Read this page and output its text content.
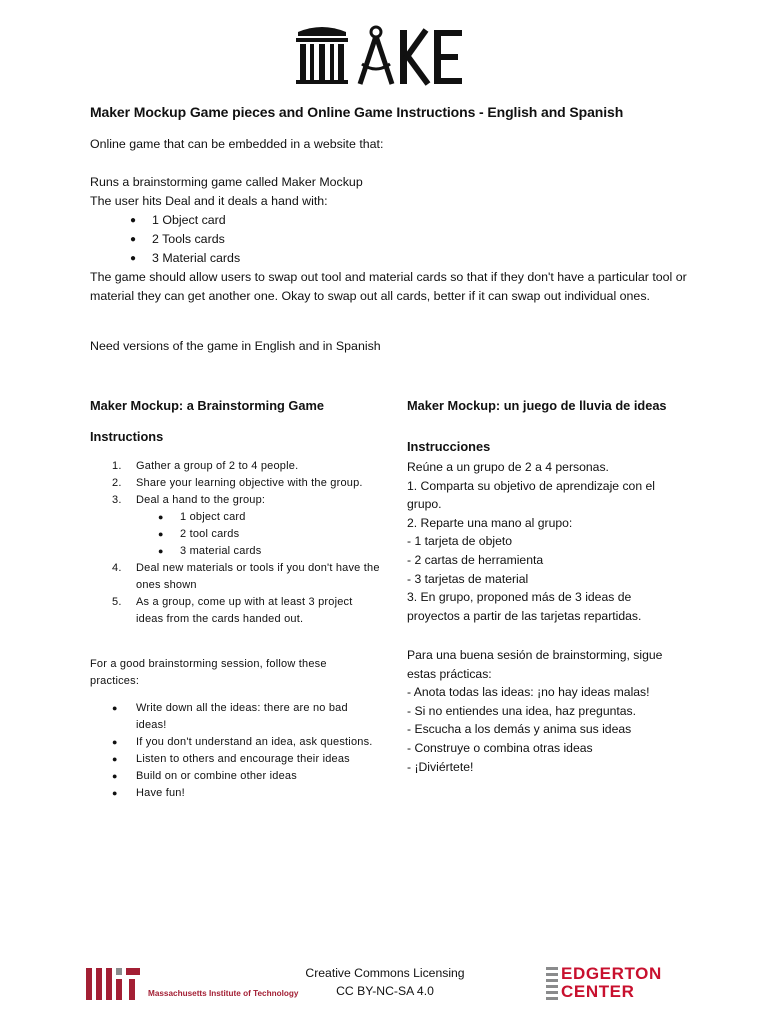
Maker Mockup Game pieces and Online Game Instructions - English and Spanish
Online game that can be embedded in a website that:
Runs a brainstorming game called Maker Mockup
The user hits Deal and it deals a hand with:
● 1 Object card
● 2 Tools cards
● 3 Material cards
The game should allow users to swap out tool and material cards so that if they don't have a particular tool or material they can get another one. Okay to swap out all cards, better if it can swap out individual ones.
Need versions of the game in English and in Spanish
Maker Mockup: a Brainstorming Game
Instructions
1. Gather a group of 2 to 4 people.
2. Share your learning objective with the group.
3. Deal a hand to the group:
● 1 object card
● 2 tool cards
● 3 material cards
4. Deal new materials or tools if you don't have the ones shown
5. As a group, come up with at least 3 project ideas from the cards handed out.
For a good brainstorming session, follow these practices:
● Write down all the ideas: there are no bad ideas!
● If you don't understand an idea, ask questions.
● Listen to others and encourage their ideas
● Build on or combine other ideas
● Have fun!
Maker Mockup: un juego de lluvia de ideas
Instrucciones
Reúne a un grupo de 2 a 4 personas.
1. Comparta su objetivo de aprendizaje con el grupo.
2. Reparte una mano al grupo:
- 1 tarjeta de objeto
- 2 cartas de herramienta
- 3 tarjetas de material
3. En grupo, proponed más de 3 ideas de proyectos a partir de las tarjetas repartidas.
Para una buena sesión de brainstorming, sigue estas prácticas:
- Anota todas las ideas: ¡no hay ideas malas!
- Si no entiendes una idea, haz preguntas.
- Escucha a los demás y anima sus ideas
- Construye o combina otras ideas
- ¡Diviértete!
Massachusetts Institute of Technology
Creative Commons Licensing
CC BY-NC-SA 4.0
EDGERTON
CENTER
